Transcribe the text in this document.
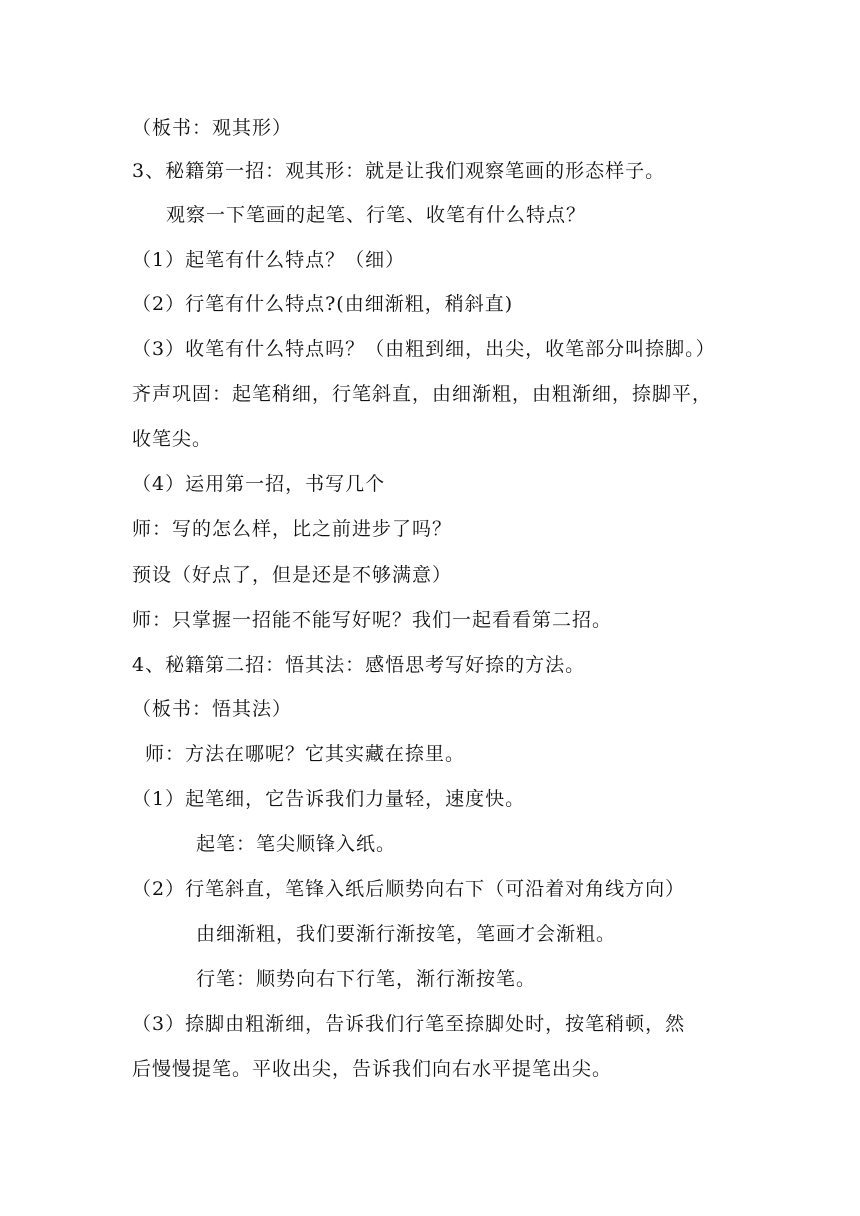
（板书：观其形）
3、秘籍第一招：观其形：就是让我们观察笔画的形态样子。
观察一下笔画的起笔、行笔、收笔有什么特点？
（1）起笔有什么特点？（细）
（2）行笔有什么特点?(由细渐粗，稍斜直)
（3）收笔有什么特点吗？（由粗到细，出尖，收笔部分叫捺脚。）
齐声巩固：起笔稍细，行笔斜直，由细渐粗，由粗渐细，捺脚平，
收笔尖。
（4）运用第一招，书写几个
师：写的怎么样，比之前进步了吗？
预设（好点了，但是还是不够满意）
师：只掌握一招能不能写好呢？我们一起看看第二招。
4、秘籍第二招：悟其法：感悟思考写好捺的方法。
（板书：悟其法）
师：方法在哪呢？它其实藏在捺里。
（1）起笔细，它告诉我们力量轻，速度快。
起笔：笔尖顺锋入纸。
（2）行笔斜直，笔锋入纸后顺势向右下（可沿着对角线方向）
由细渐粗，我们要渐行渐按笔，笔画才会渐粗。
行笔：顺势向右下行笔，渐行渐按笔。
（3）捺脚由粗渐细，告诉我们行笔至捺脚处时，按笔稍顿，然
后慢慢提笔。平收出尖，告诉我们向右水平提笔出尖。
